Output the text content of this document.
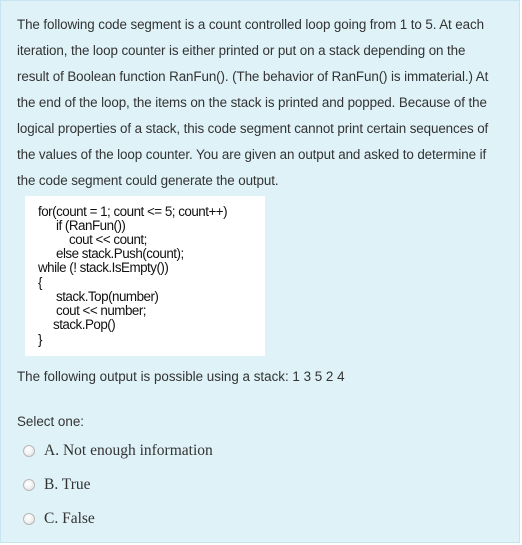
The following code segment is a count controlled loop going from 1 to 5. At each
iteration, the loop counter is either printed or put on a stack depending on the
result of Boolean function RanFun(). (The behavior of RanFun() is immaterial.) At
the end of the loop, the items on the stack is printed and popped. Because of the
logical properties of a stack, this code segment cannot print certain sequences of
the values of the loop counter. You are given an output and asked to determine if
the code segment could generate the output.
for(count = 1; count <= 5; count++)
if (RanFun())
cout << count;
else stack.Push(count);
while (! stack.IsEmpty())
{
stack.Top(number)
cout << number;
stack.Pop()
}
The following output is possible using a stack: 1 3 5 2 4
Select one:
A. Not enough information
B. True
C. False
